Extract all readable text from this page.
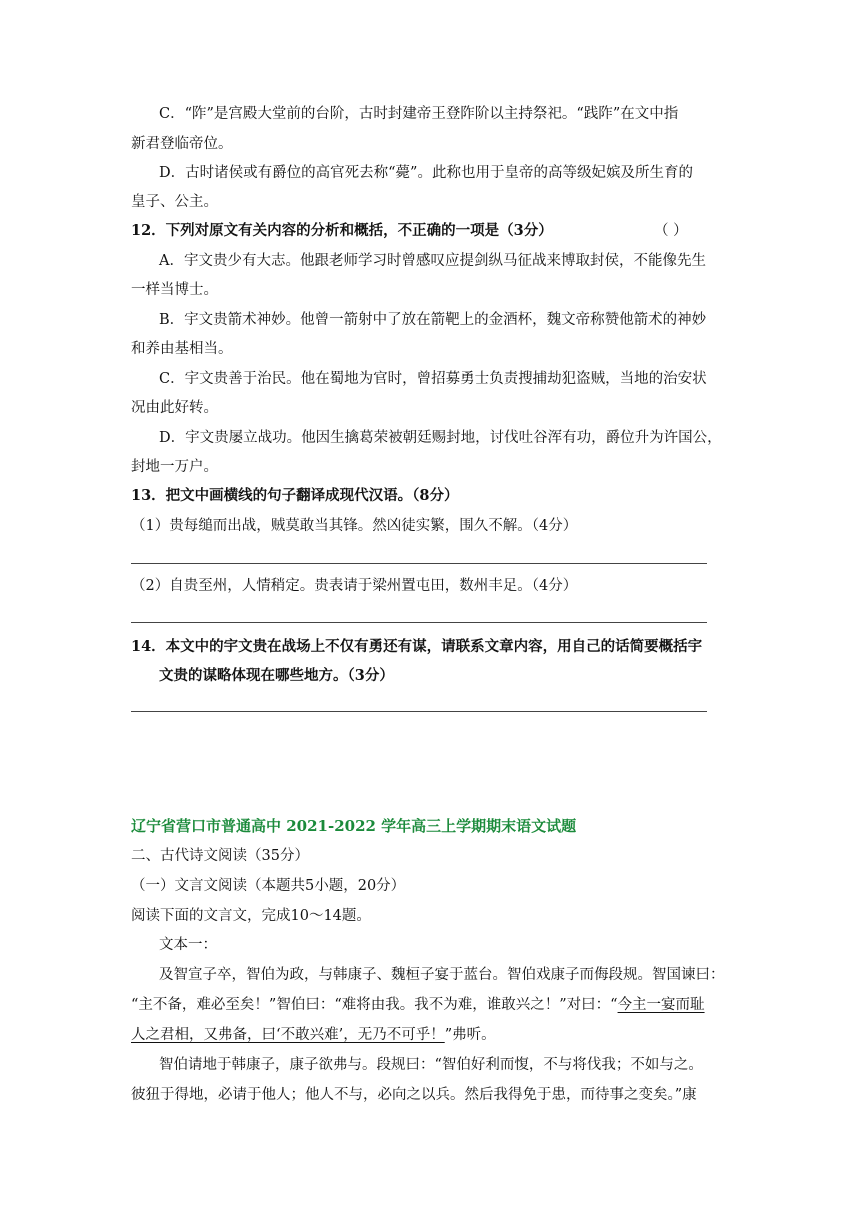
C．“阼”是宫殿大堂前的台阶，古时封建帝王登阼阶以主持祭祀。“践阼”在文中指
新君登临帝位。
D．古时诸侯或有爵位的高官死去称“薨”。此称也用于皇帝的高等级妃嫔及所生育的
皇子、公主。
12．下列对原文有关内容的分析和概括，不正确的一项是（3分）	（ ）
A．宇文贵少有大志。他跟老师学习时曾感叹应提剑纵马征战来博取封侯，不能像先生
一样当博士。
B．宇文贵箭术神妙。他曾一箭射中了放在箭靶上的金酒杯，魏文帝称赞他箭术的神妙
和养由基相当。
C．宇文贵善于治民。他在蜀地为官时，曾招募勇士负责搜捕劫犯盗贼，当地的治安状
况由此好转。
D．宇文贵屡立战功。他因生擒葛荣被朝廷赐封地，讨伐吐谷浑有功，爵位升为许国公，
封地一万户。
13．把文中画横线的句子翻译成现代汉语。（8分）
（1）贵每缒而出战，贼莫敢当其锋。然凶徒实繁，围久不解。（4分）
（2）自贵至州，人情稍定。贵表请于梁州置屯田，数州丰足。（4分）
14．本文中的宇文贵在战场上不仅有勇还有谋，请联系文章内容，用自己的话简要概括宇
文贵的谋略体现在哪些地方。（3分）
辽宁省营口市普通高中 2021-2022 学年高三上学期期末语文试题
二、古代诗文阅读（35分）
（一）文言文阅读（本题共5小题，20分）
阅读下面的文言文，完成10～14题。
文本一：
及智宣子卒，智伯为政，与韩康子、魏桓子宴于蓝台。智伯戏康子而侮段规。智国谏曰：
“主不备，难必至矣！”智伯曰：“难将由我。我不为难，谁敢兴之！”对曰：“今主一宴而耻
人之君相，又弗备，曰‘不敢兴难’，无乃不可乎！”弗听。
智伯请地于韩康子，康子欲弗与。段规曰：“智伯好利而愎，不与将伐我；不如与之。
彼狃于得地，必请于他人；他人不与，必向之以兵。然后我得免于患，而待事之变矣。”康
